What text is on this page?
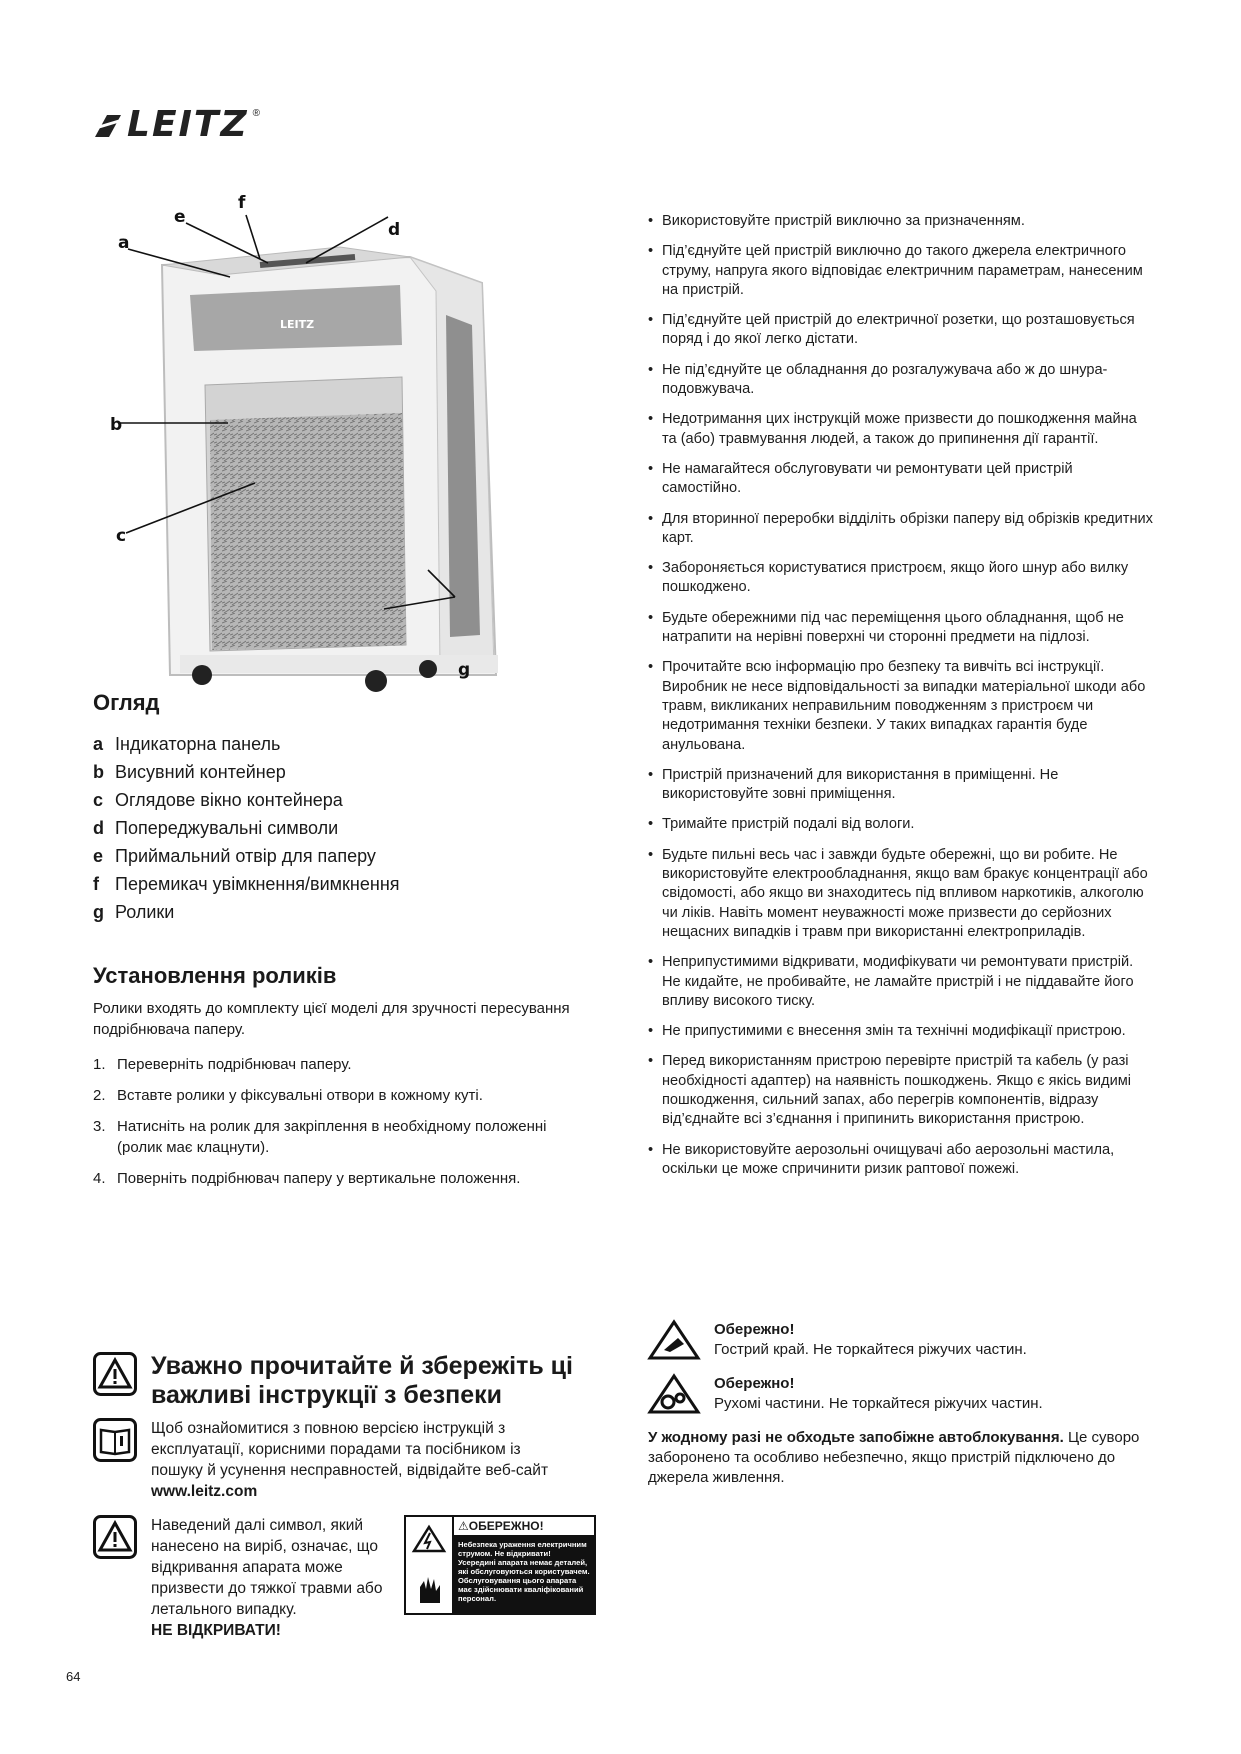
LEITZ ®
LEITZ
a
e
f
d
b
c
g
Огляд
a Індикаторна панель
b Висувний контейнер
c Оглядове вікно контейнера
d Попереджувальні символи
e Приймальний отвір для паперу
f Перемикач увімкнення/вимкнення
g Ролики
Установлення роликів

Ролики входять до комплекту цієї моделі для зручності пересування подрібнювача паперу.

1. Переверніть подрібнювач паперу.
2. Вставте ролики у фіксувальні отвори в кожному куті.
3. Натисніть на ролик для закріплення в необхідному положенні (ролик має клацнути).
4. Поверніть подрібнювач паперу у вертикальне положення.
• Використовуйте пристрій виключно за призначенням.
• Під’єднуйте цей пристрій виключно до такого джерела електричного струму, напруга якого відповідає електричним параметрам, нанесеним на пристрій.
• Під’єднуйте цей пристрій до електричної розетки, що розташовується поряд і до якої легко дістати.
• Не під’єднуйте це обладнання до розгалужувача або ж до шнура-подовжувача.
• Недотримання цих інструкцій може призвести до пошкодження майна та (або) травмування людей, а також до припинення дії гарантії.
• Не намагайтеся обслуговувати чи ремонтувати цей пристрій самостійно.
• Для вторинної переробки відділіть обрізки паперу від обрізків кредитних карт.
• Забороняється користуватися пристроєм, якщо його шнур або вилку пошкоджено.
• Будьте обережними під час переміщення цього обладнання, щоб не натрапити на нерівні поверхні чи сторонні предмети на підлозі.
• Прочитайте всю інформацію про безпеку та вивчіть всі інструкції. Виробник не несе відповідальності за випадки матеріальної шкоди або травм, викликаних неправильним поводженням з пристроєм чи недотримання техніки безпеки. У таких випадках гарантія буде анульована.
• Пристрій призначений для використання в приміщенні. Не використовуйте зовні приміщення.
• Тримайте пристрій подалі від вологи.
• Будьте пильні весь час і завжди будьте обережні, що ви робите. Не використовуйте електрообладнання, якщо вам бракує концентрації або свідомості, або якщо ви знаходитесь під впливом наркотиків, алкоголю чи ліків. Навіть момент неуважності може призвести до серйозних нещасних випадків і травм при використанні електроприладів.
• Неприпустимими відкривати, модифікувати чи ремонтувати пристрій. Не кидайте, не пробивайте, не ламайте пристрій і не піддавайте його впливу високого тиску.
• Не припустимими є внесення змін та технічні модифікації пристрою.
• Перед використанням пристрою перевірте пристрій та кабель (у разі необхідності адаптер) на наявність пошкоджень. Якщо є якісь видимі пошкодження, сильний запах, або перегрів компонентів, відразу від’єднайте всі з’єднання і припинить використання пристрою.
• Не використовуйте аерозольні очищувачі або аерозольні мастила, оскільки це може спричинити ризик раптової пожежі.
Обережно!
Гострий край. Не торкайтеся ріжучих частин.
Обережно!
Рухомі частини. Не торкайтеся ріжучих частин.
У жодному разі не обходьте запобіжне автоблокування. Це суворо заборонено та особливо небезпечно, якщо пристрій підключено до джерела живлення.
Уважно прочитайте й збережіть ці важливі інструкції з безпеки
Щоб ознайомитися з повною версією інструкцій з експлуатації, корисними порадами та посібником із пошуку й усунення несправностей, відвідайте веб-сайт www.leitz.com
Наведений далі символ, який нанесено на виріб, означає, що відкривання апарата може призвести до тяжкої травми або летального випадку.
НЕ ВІДКРИВАТИ!
⚠ОБЕРЕЖНО!
Небезпека ураження електричним струмом. Не відкривати! Усередині апарата немає деталей, які обслуговуються користувачем. Обслуговування цього апарата має здійснювати кваліфікований персонал.
64
